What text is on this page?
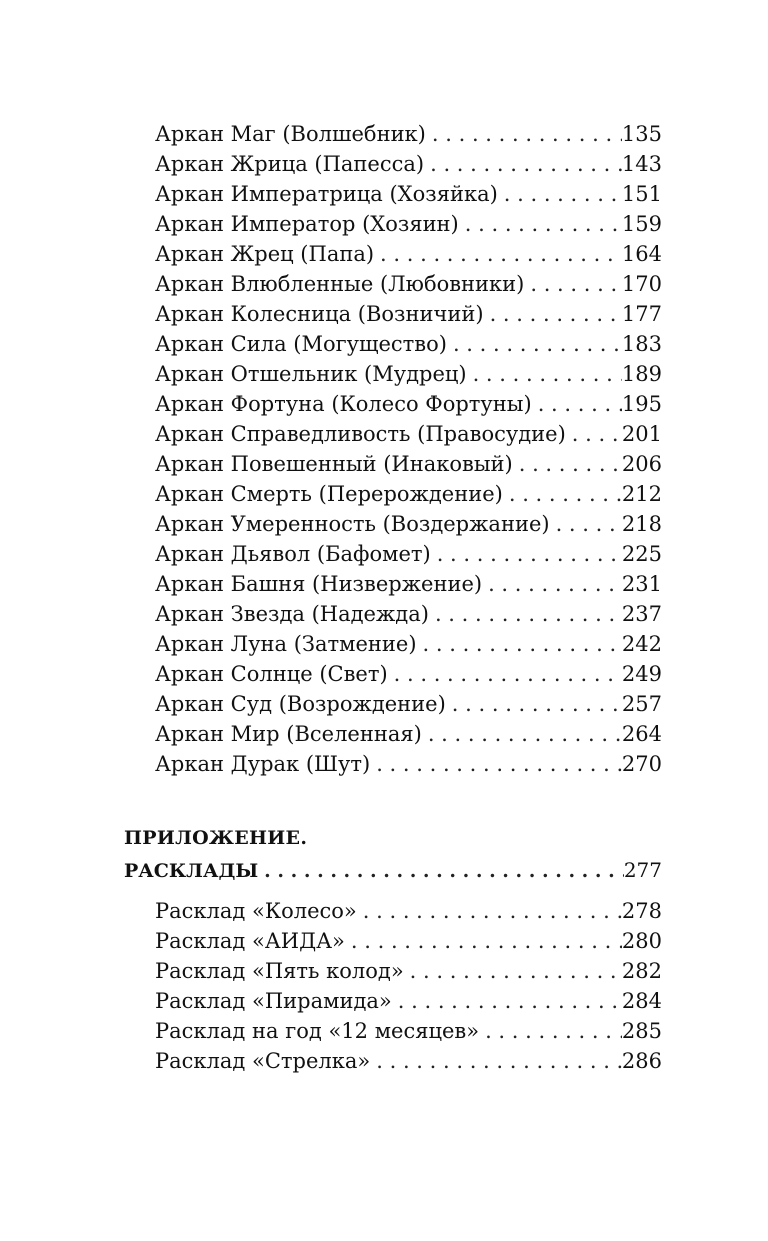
Аркан Маг (Волшебник) . . .	135
Аркан Жрица (Папесса) . . .	143
Аркан Императрица (Хозяйка) . . .	151
Аркан Император (Хозяин) . . .	159
Аркан Жрец (Папа) . . .	164
Аркан Влюбленные (Любовники) . . .	170
Аркан Колесница (Возничий) . . .	177
Аркан Сила (Могущество) . . .	183
Аркан Отшельник (Мудрец) . . .	189
Аркан Фортуна (Колесо Фортуны) . . .	195
Аркан Справедливость (Правосудие) . . .	201
Аркан Повешенный (Инаковый) . . .	206
Аркан Смерть (Перерождение) . . .	212
Аркан Умеренность (Воздержание) . . .	218
Аркан Дьявол (Бафомет) . . .	225
Аркан Башня (Низвержение) . . .	231
Аркан Звезда (Надежда) . . .	237
Аркан Луна (Затмение) . . .	242
Аркан Солнце (Свет) . . .	249
Аркан Суд (Возрождение) . . .	257
Аркан Мир (Вселенная) . . .	264
Аркан Дурак (Шут) . . .	270
ПРИЛОЖЕНИЕ.
РАСКЛАДЫ . . .	277
Расклад «Колесо» . . .	278
Расклад «АИДА» . . .	280
Расклад «Пять колод» . . .	282
Расклад «Пирамида» . . .	284
Расклад на год «12 месяцев» . . .	285
Расклад «Стрелка» . . .	286
